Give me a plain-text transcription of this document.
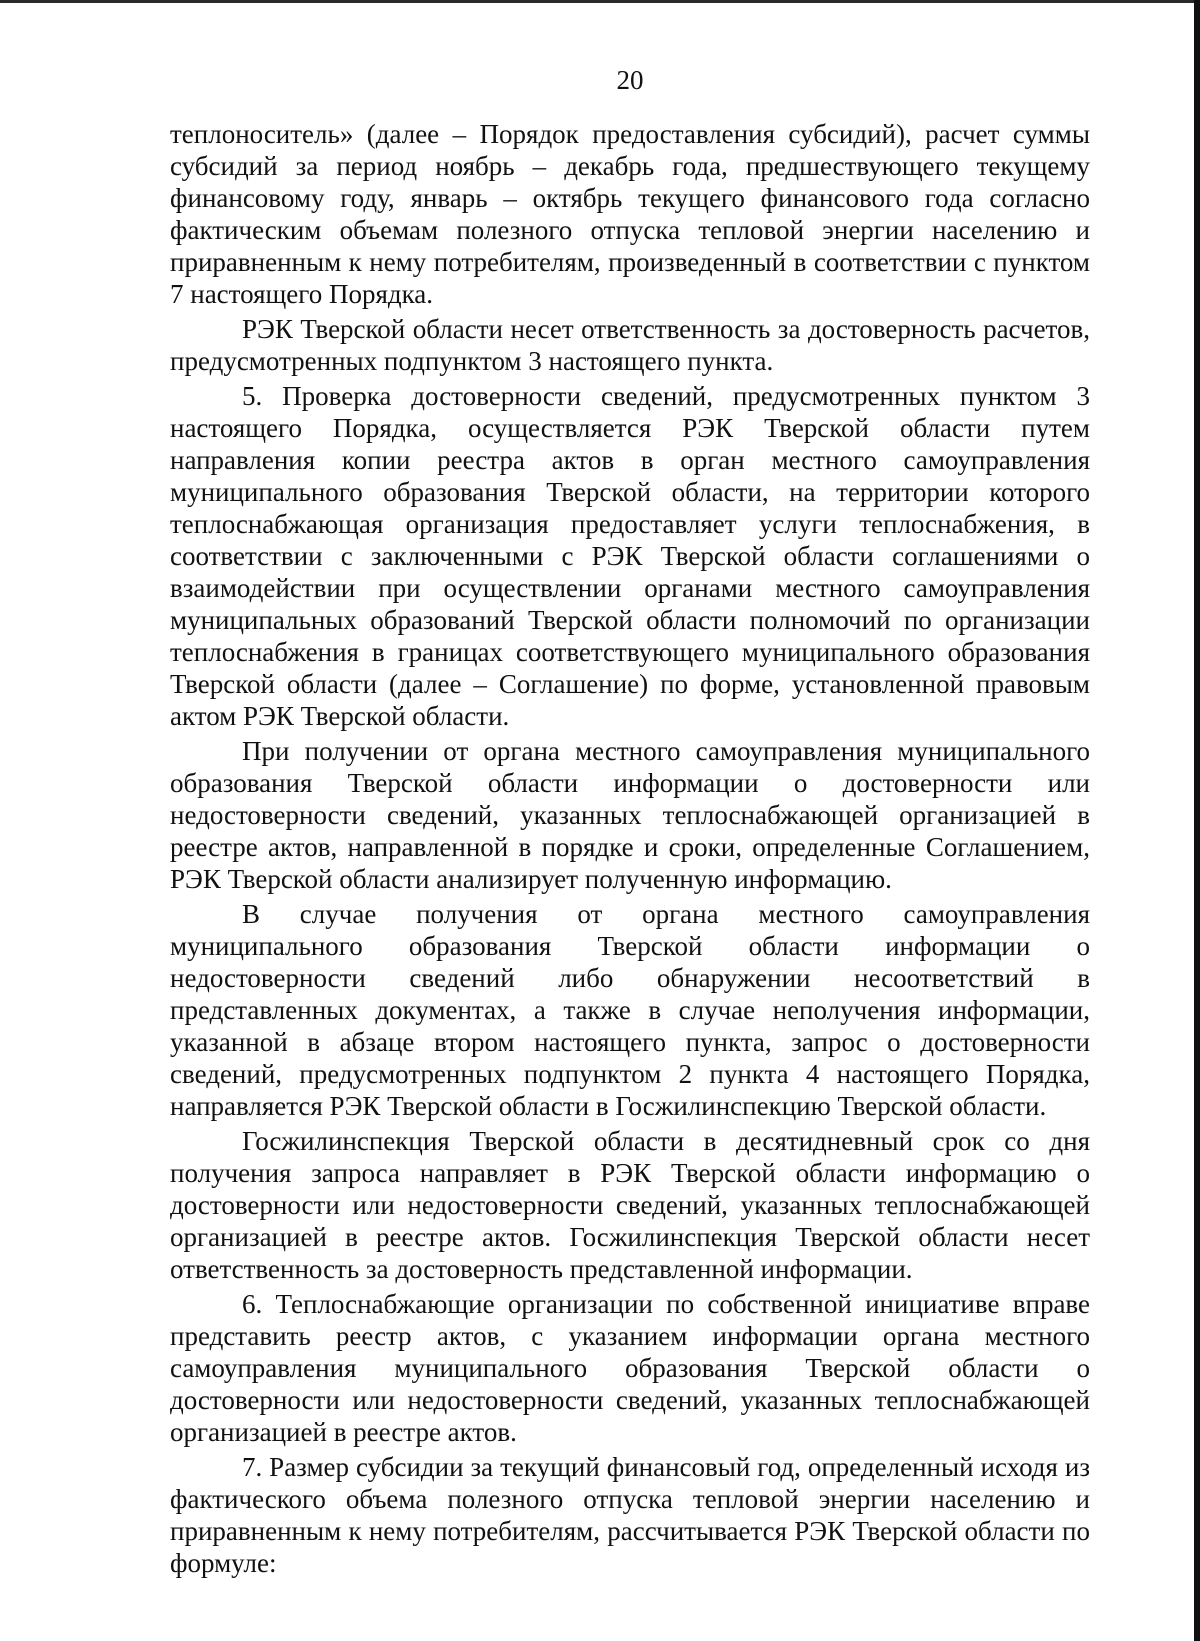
20

теплоноситель» (далее – Порядок предоставления субсидий), расчет суммы субсидий за период ноябрь – декабрь года, предшествующего текущему финансовому году, январь – октябрь текущего финансового года согласно фактическим объемам полезного отпуска тепловой энергии населению и приравненным к нему потребителям, произведенный в соответствии с пунктом 7 настоящего Порядка.

РЭК Тверской области несет ответственность за достоверность расчетов, предусмотренных подпунктом 3 настоящего пункта.

5. Проверка достоверности сведений, предусмотренных пунктом 3 настоящего Порядка, осуществляется РЭК Тверской области путем направления копии реестра актов в орган местного самоуправления муниципального образования Тверской области, на территории которого теплоснабжающая организация предоставляет услуги теплоснабжения, в соответствии с заключенными с РЭК Тверской области соглашениями о взаимодействии при осуществлении органами местного самоуправления муниципальных образований Тверской области полномочий по организации теплоснабжения в границах соответствующего муниципального образования Тверской области (далее – Соглашение) по форме, установленной правовым актом РЭК Тверской области.

При получении от органа местного самоуправления муниципального образования Тверской области информации о достоверности или недостоверности сведений, указанных теплоснабжающей организацией в реестре актов, направленной в порядке и сроки, определенные Соглашением, РЭК Тверской области анализирует полученную информацию.

В случае получения от органа местного самоуправления муниципального образования Тверской области информации о недостоверности сведений либо обнаружении несоответствий в представленных документах, а также в случае неполучения информации, указанной в абзаце втором настоящего пункта, запрос о достоверности сведений, предусмотренных подпунктом 2 пункта 4 настоящего Порядка, направляется РЭК Тверской области в Госжилинспекцию Тверской области.

Госжилинспекция Тверской области в десятидневный срок со дня получения запроса направляет в РЭК Тверской области информацию о достоверности или недостоверности сведений, указанных теплоснабжающей организацией в реестре актов. Госжилинспекция Тверской области несет ответственность за достоверность представленной информации.

6. Теплоснабжающие организации по собственной инициативе вправе представить реестр актов, с указанием информации органа местного самоуправления муниципального образования Тверской области о достоверности или недостоверности сведений, указанных теплоснабжающей организацией в реестре актов.

7. Размер субсидии за текущий финансовый год, определенный исходя из фактического объема полезного отпуска тепловой энергии населению и приравненным к нему потребителям, рассчитывается РЭК Тверской области по формуле:
